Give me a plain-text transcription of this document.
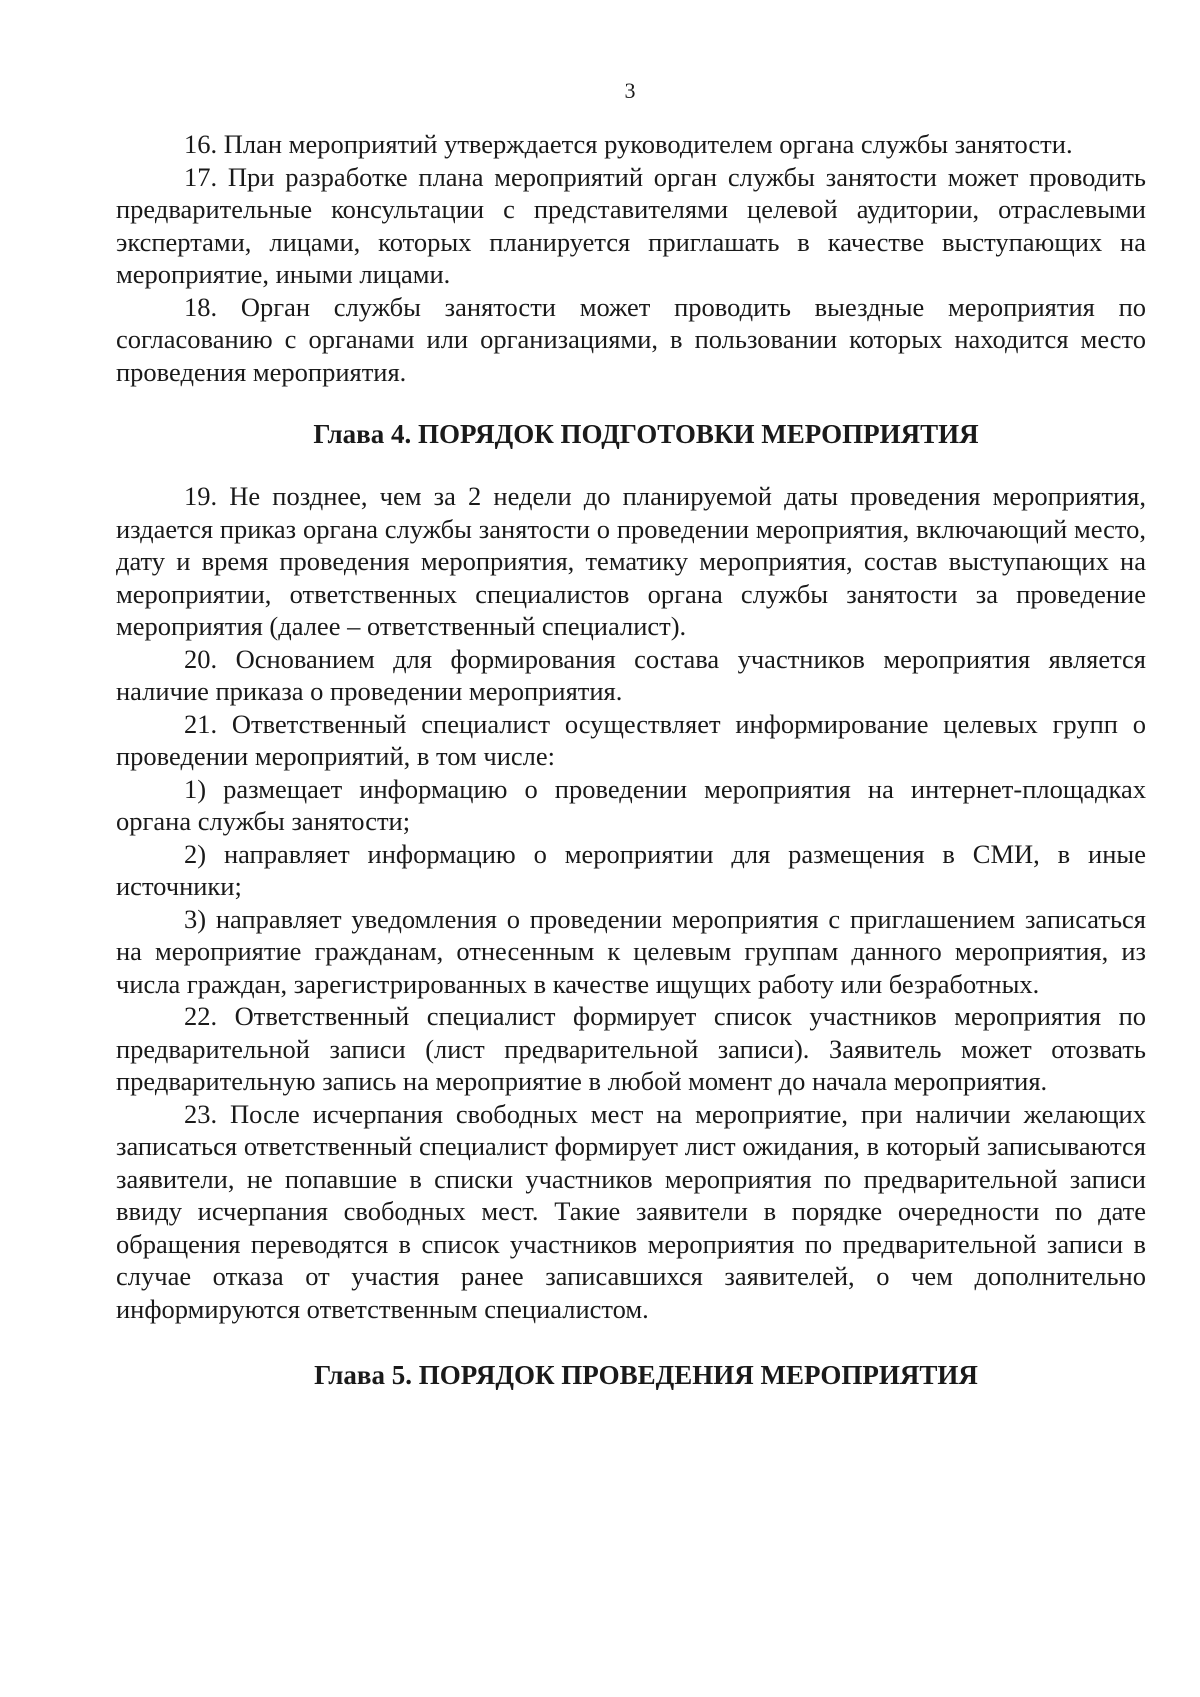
3

16. План мероприятий утверждается руководителем органа службы занятости.

17. При разработке плана мероприятий орган службы занятости может проводить предварительные консультации с представителями целевой аудитории, отраслевыми экспертами, лицами, которых планируется приглашать в качестве выступающих на мероприятие, иными лицами.

18. Орган службы занятости может проводить выездные мероприятия по согласованию с органами или организациями, в пользовании которых находится место проведения мероприятия.

Глава 4. ПОРЯДОК ПОДГОТОВКИ МЕРОПРИЯТИЯ

19. Не позднее, чем за 2 недели до планируемой даты проведения мероприятия, издается приказ органа службы занятости о проведении мероприятия, включающий место, дату и время проведения мероприятия, тематику мероприятия, состав выступающих на мероприятии, ответственных специалистов органа службы занятости за проведение мероприятия (далее – ответственный специалист).

20. Основанием для формирования состава участников мероприятия является наличие приказа о проведении мероприятия.

21. Ответственный специалист осуществляет информирование целевых групп о проведении мероприятий, в том числе:

1) размещает информацию о проведении мероприятия на интернет-площадках органа службы занятости;

2) направляет информацию о мероприятии для размещения в СМИ, в иные источники;

3) направляет уведомления о проведении мероприятия с приглашением записаться на мероприятие гражданам, отнесенным к целевым группам данного мероприятия, из числа граждан, зарегистрированных в качестве ищущих работу или безработных.

22. Ответственный специалист формирует список участников мероприятия по предварительной записи (лист предварительной записи). Заявитель может отозвать предварительную запись на мероприятие в любой момент до начала мероприятия.

23. После исчерпания свободных мест на мероприятие, при наличии желающих записаться ответственный специалист формирует лист ожидания, в который записываются заявители, не попавшие в списки участников мероприятия по предварительной записи ввиду исчерпания свободных мест. Такие заявители в порядке очередности по дате обращения переводятся в список участников мероприятия по предварительной записи в случае отказа от участия ранее записавшихся заявителей, о чем дополнительно информируются ответственным специалистом.

Глава 5. ПОРЯДОК ПРОВЕДЕНИЯ МЕРОПРИЯТИЯ
